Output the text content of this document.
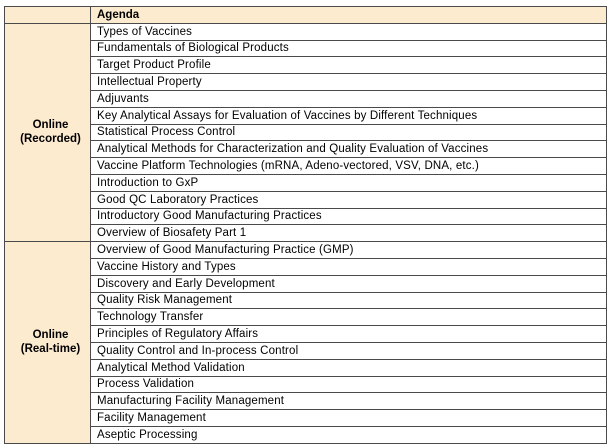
	Agenda
Online
(Recorded)	Types of Vaccines
	Fundamentals of Biological Products
	Target Product Profile
	Intellectual Property
	Adjuvants
	Key Analytical Assays for Evaluation of Vaccines by Different Techniques
	Statistical Process Control
	Analytical Methods for Characterization and Quality Evaluation of Vaccines
	Vaccine Platform Technologies (mRNA, Adeno-vectored, VSV, DNA, etc.)
	Introduction to GxP
	Good QC Laboratory Practices
	Introductory Good Manufacturing Practices
	Overview of Biosafety Part 1
Online
(Real-time)	Overview of Good Manufacturing Practice (GMP)
	Vaccine History and Types
	Discovery and Early Development
	Quality Risk Management
	Technology Transfer
	Principles of Regulatory Affairs
	Quality Control and In-process Control
	Analytical Method Validation
	Process Validation
	Manufacturing Facility Management
	Facility Management
	Aseptic Processing
